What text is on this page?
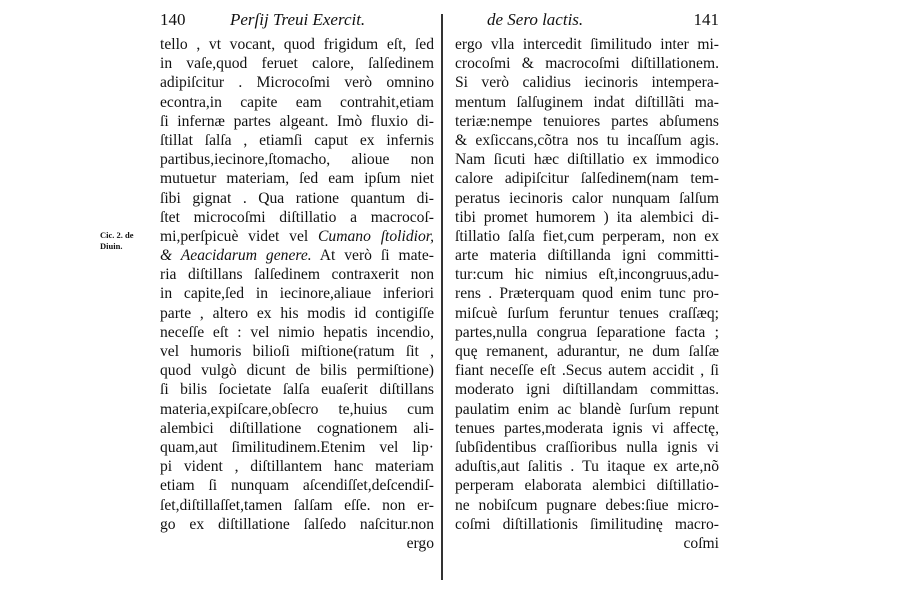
140	Perſij Treui Exercit.
tello , vt vocant, quod frigidum eſt, ſed
in vaſe,quod feruet calore, ſalſedinem
adipiſcitur . Microcoſmi verò omnino
econtra,in capite eam contrahit,etiam
ſi infernæ partes algeant. Imò fluxio di-
ſtillat ſalſa , etiamſi caput ex infernis
partibus,iecinore,ſtomacho, alioue non
mutuetur materiam, ſed eam ipſum niet
ſibi gignat . Qua ratione quantum di-
ſtet microcoſmi diſtillatio a macrocoſ-
mi,perſpicuè videt vel Cumano ſtolidior,
& Aeacidarum genere. At verò ſi mate-
ria diſtillans ſalſedinem contraxerit non
in capite,ſed in iecinore,aliaue inferiori
parte , altero ex his modis id contigiſſe
neceſſe eſt : vel nimio hepatis incendio,
vel humoris bilioſi miſtione(ratum ſit ,
quod vulgò dicunt de bilis permiſtione)
ſi bilis ſocietate ſalſa euaſerit diſtillans
materia,expiſcare,obſecro te,huius cum
alembici diſtillatione cognationem ali-
quam,aut ſimilitudinem.Etenim vel lip·
pi vident , diſtillantem hanc materiam
etiam ſi nunquam aſcendiſſet,deſcendiſ-
ſet,diſtillaſſet,tamen ſalſam eſſe. non er-
go ex diſtillatione ſalſedo naſcitur.non
ergo
Cic. 2. de
Diuin.
de Sero lactis.	141
ergo vlla intercedit ſimilitudo inter mi-
crocoſmi & macrocoſmi diſtillationem.
Si verò calidius iecinoris intempera-
mentum ſalſuginem indat diſtillãti ma-
teriæ:nempe tenuiores partes abſumens
& exſiccans,cõtra nos tu incaſſum agis.
Nam ſicuti hæc diſtillatio ex immodico
calore adipiſcitur ſalſedinem(nam tem-
peratus iecinoris calor nunquam ſalſum
tibi promet humorem ) ita alembici di-
ſtillatio ſalſa fiet,cum perperam, non ex
arte materia diſtillanda igni committi-
tur:cum hic nimius eſt,incongruus,adu-
rens . Præterquam quod enim tunc pro-
miſcuè ſurſum feruntur tenues craſſæq;
partes,nulla congrua ſeparatione facta ;
quę remanent, adurantur, ne dum ſalſæ
fiant neceſſe eſt .Secus autem accidit , ſi
moderato igni diſtillandam committas.
paulatim enim ac blandè ſurſum repunt
tenues partes,moderata ignis vi affectę,
ſubſidentibus craſſioribus nulla ignis vi
aduſtis,aut ſalitis . Tu itaque ex arte,nõ
perperam elaborata alembici diſtillatio-
ne nobiſcum pugnare debes:ſiue micro-
coſmi diſtillationis ſimilitudinę macro-
coſmi
